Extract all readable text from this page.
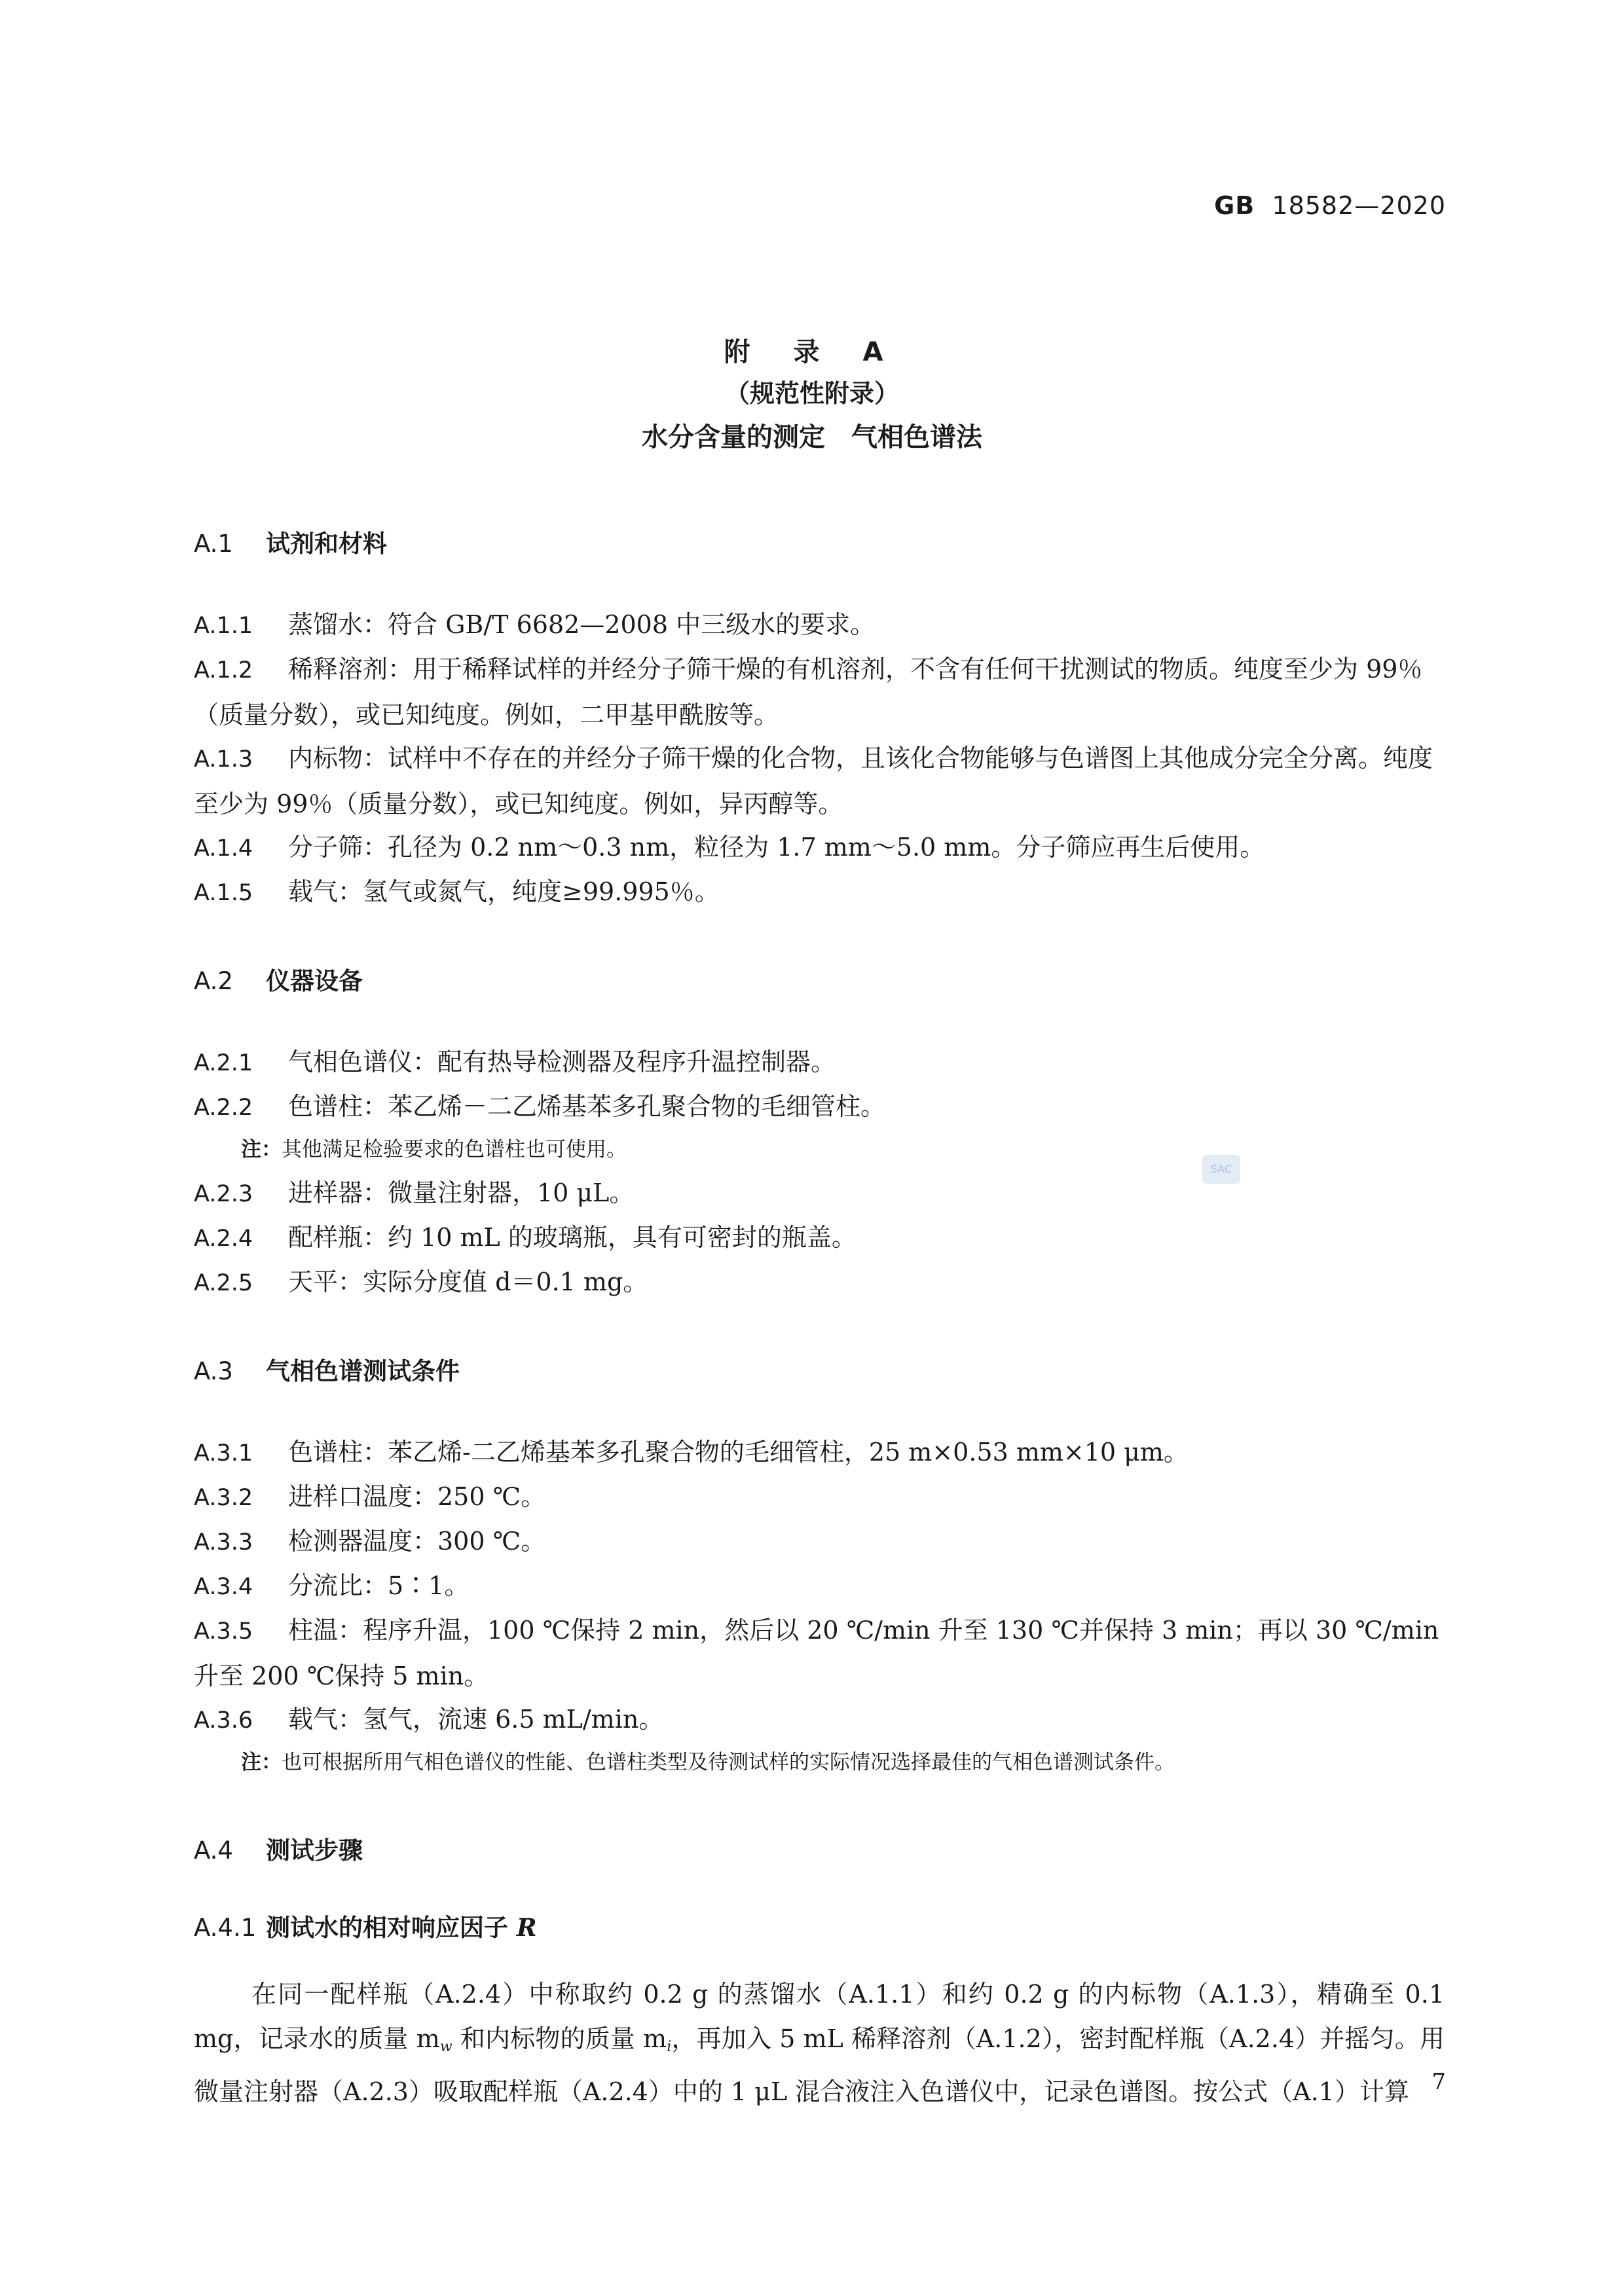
GB 18582—2020
附 录 A
（规范性附录）
水分含量的测定　气相色谱法
A.1 试剂和材料
A.1.1 蒸馏水：符合 GB/T 6682—2008 中三级水的要求。
A.1.2 稀释溶剂：用于稀释试样的并经分子筛干燥的有机溶剂，不含有任何干扰测试的物质。纯度至少为 99％（质量分数），或已知纯度。例如，二甲基甲酰胺等。
A.1.3 内标物：试样中不存在的并经分子筛干燥的化合物，且该化合物能够与色谱图上其他成分完全分离。纯度至少为 99％（质量分数），或已知纯度。例如，异丙醇等。
A.1.4 分子筛：孔径为 0.2 nm～0.3 nm，粒径为 1.7 mm～5.0 mm。分子筛应再生后使用。
A.1.5 载气：氢气或氮气，纯度≥99.995％。
A.2 仪器设备
A.2.1 气相色谱仪：配有热导检测器及程序升温控制器。
A.2.2 色谱柱：苯乙烯－二乙烯基苯多孔聚合物的毛细管柱。
注：其他满足检验要求的色谱柱也可使用。
A.2.3 进样器：微量注射器，10 μL。
A.2.4 配样瓶：约 10 mL 的玻璃瓶，具有可密封的瓶盖。
A.2.5 天平：实际分度值 d＝0.1 mg。
A.3 气相色谱测试条件
A.3.1 色谱柱：苯乙烯-二乙烯基苯多孔聚合物的毛细管柱，25 m×0.53 mm×10 μm。
A.3.2 进样口温度：250 ℃。
A.3.3 检测器温度：300 ℃。
A.3.4 分流比：5∶1。
A.3.5 柱温：程序升温，100 ℃保持 2 min，然后以 20 ℃/min 升至 130 ℃并保持 3 min；再以 30 ℃/min 升至 200 ℃保持 5 min。
A.3.6 载气：氢气，流速 6.5 mL/min。
注：也可根据所用气相色谱仪的性能、色谱柱类型及待测试样的实际情况选择最佳的气相色谱测试条件。
A.4 测试步骤
A.4.1 测试水的相对响应因子 R
在同一配样瓶（A.2.4）中称取约 0.2 g 的蒸馏水（A.1.1）和约 0.2 g 的内标物（A.1.3），精确至 0.1 mg，记录水的质量 $m_w$ 和内标物的质量 $m_i$，再加入 5 mL 稀释溶剂（A.1.2），密封配样瓶（A.2.4）并摇匀。用微量注射器（A.2.3）吸取配样瓶（A.2.4）中的 1 μL 混合液注入色谱仪中，记录色谱图。按公式（A.1）计算
SAC
7
